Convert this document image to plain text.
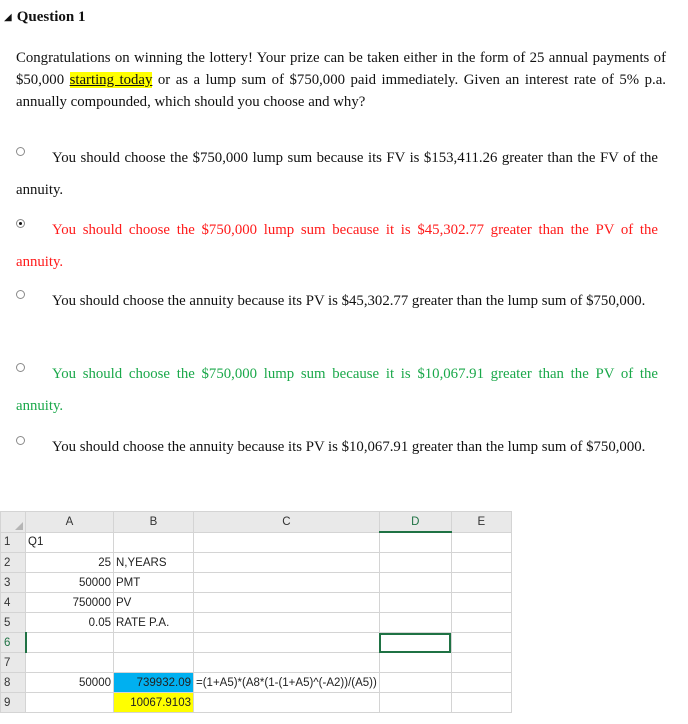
◢ Question 1
Congratulations on winning the lottery! Your prize can be taken either in the form of 25 annual payments of $50,000 starting today or as a lump sum of $750,000 paid immediately. Given an interest rate of 5% p.a. annually compounded, which should you choose and why?
You should choose the $750,000 lump sum because its FV is $153,411.26 greater than the FV of the annuity.
You should choose the $750,000 lump sum because it is $45,302.77 greater than the PV of the annuity.
You should choose the annuity because its PV is $45,302.77 greater than the lump sum of $750,000.
You should choose the $750,000 lump sum because it is $10,067.91 greater than the PV of the annuity.
You should choose the annuity because its PV is $10,067.91 greater than the lump sum of $750,000.
	A	B	C	D	E
1	Q1				
2	25	N,YEARS			
3	50000	PMT			
4	750000	PV			
5	0.05	RATE P.A.			
6					
7					
8	50000	739932.09	=(1+A5)*(A8*(1-(1+A5)^(-A2))/(A5))		
9		10067.9103			
